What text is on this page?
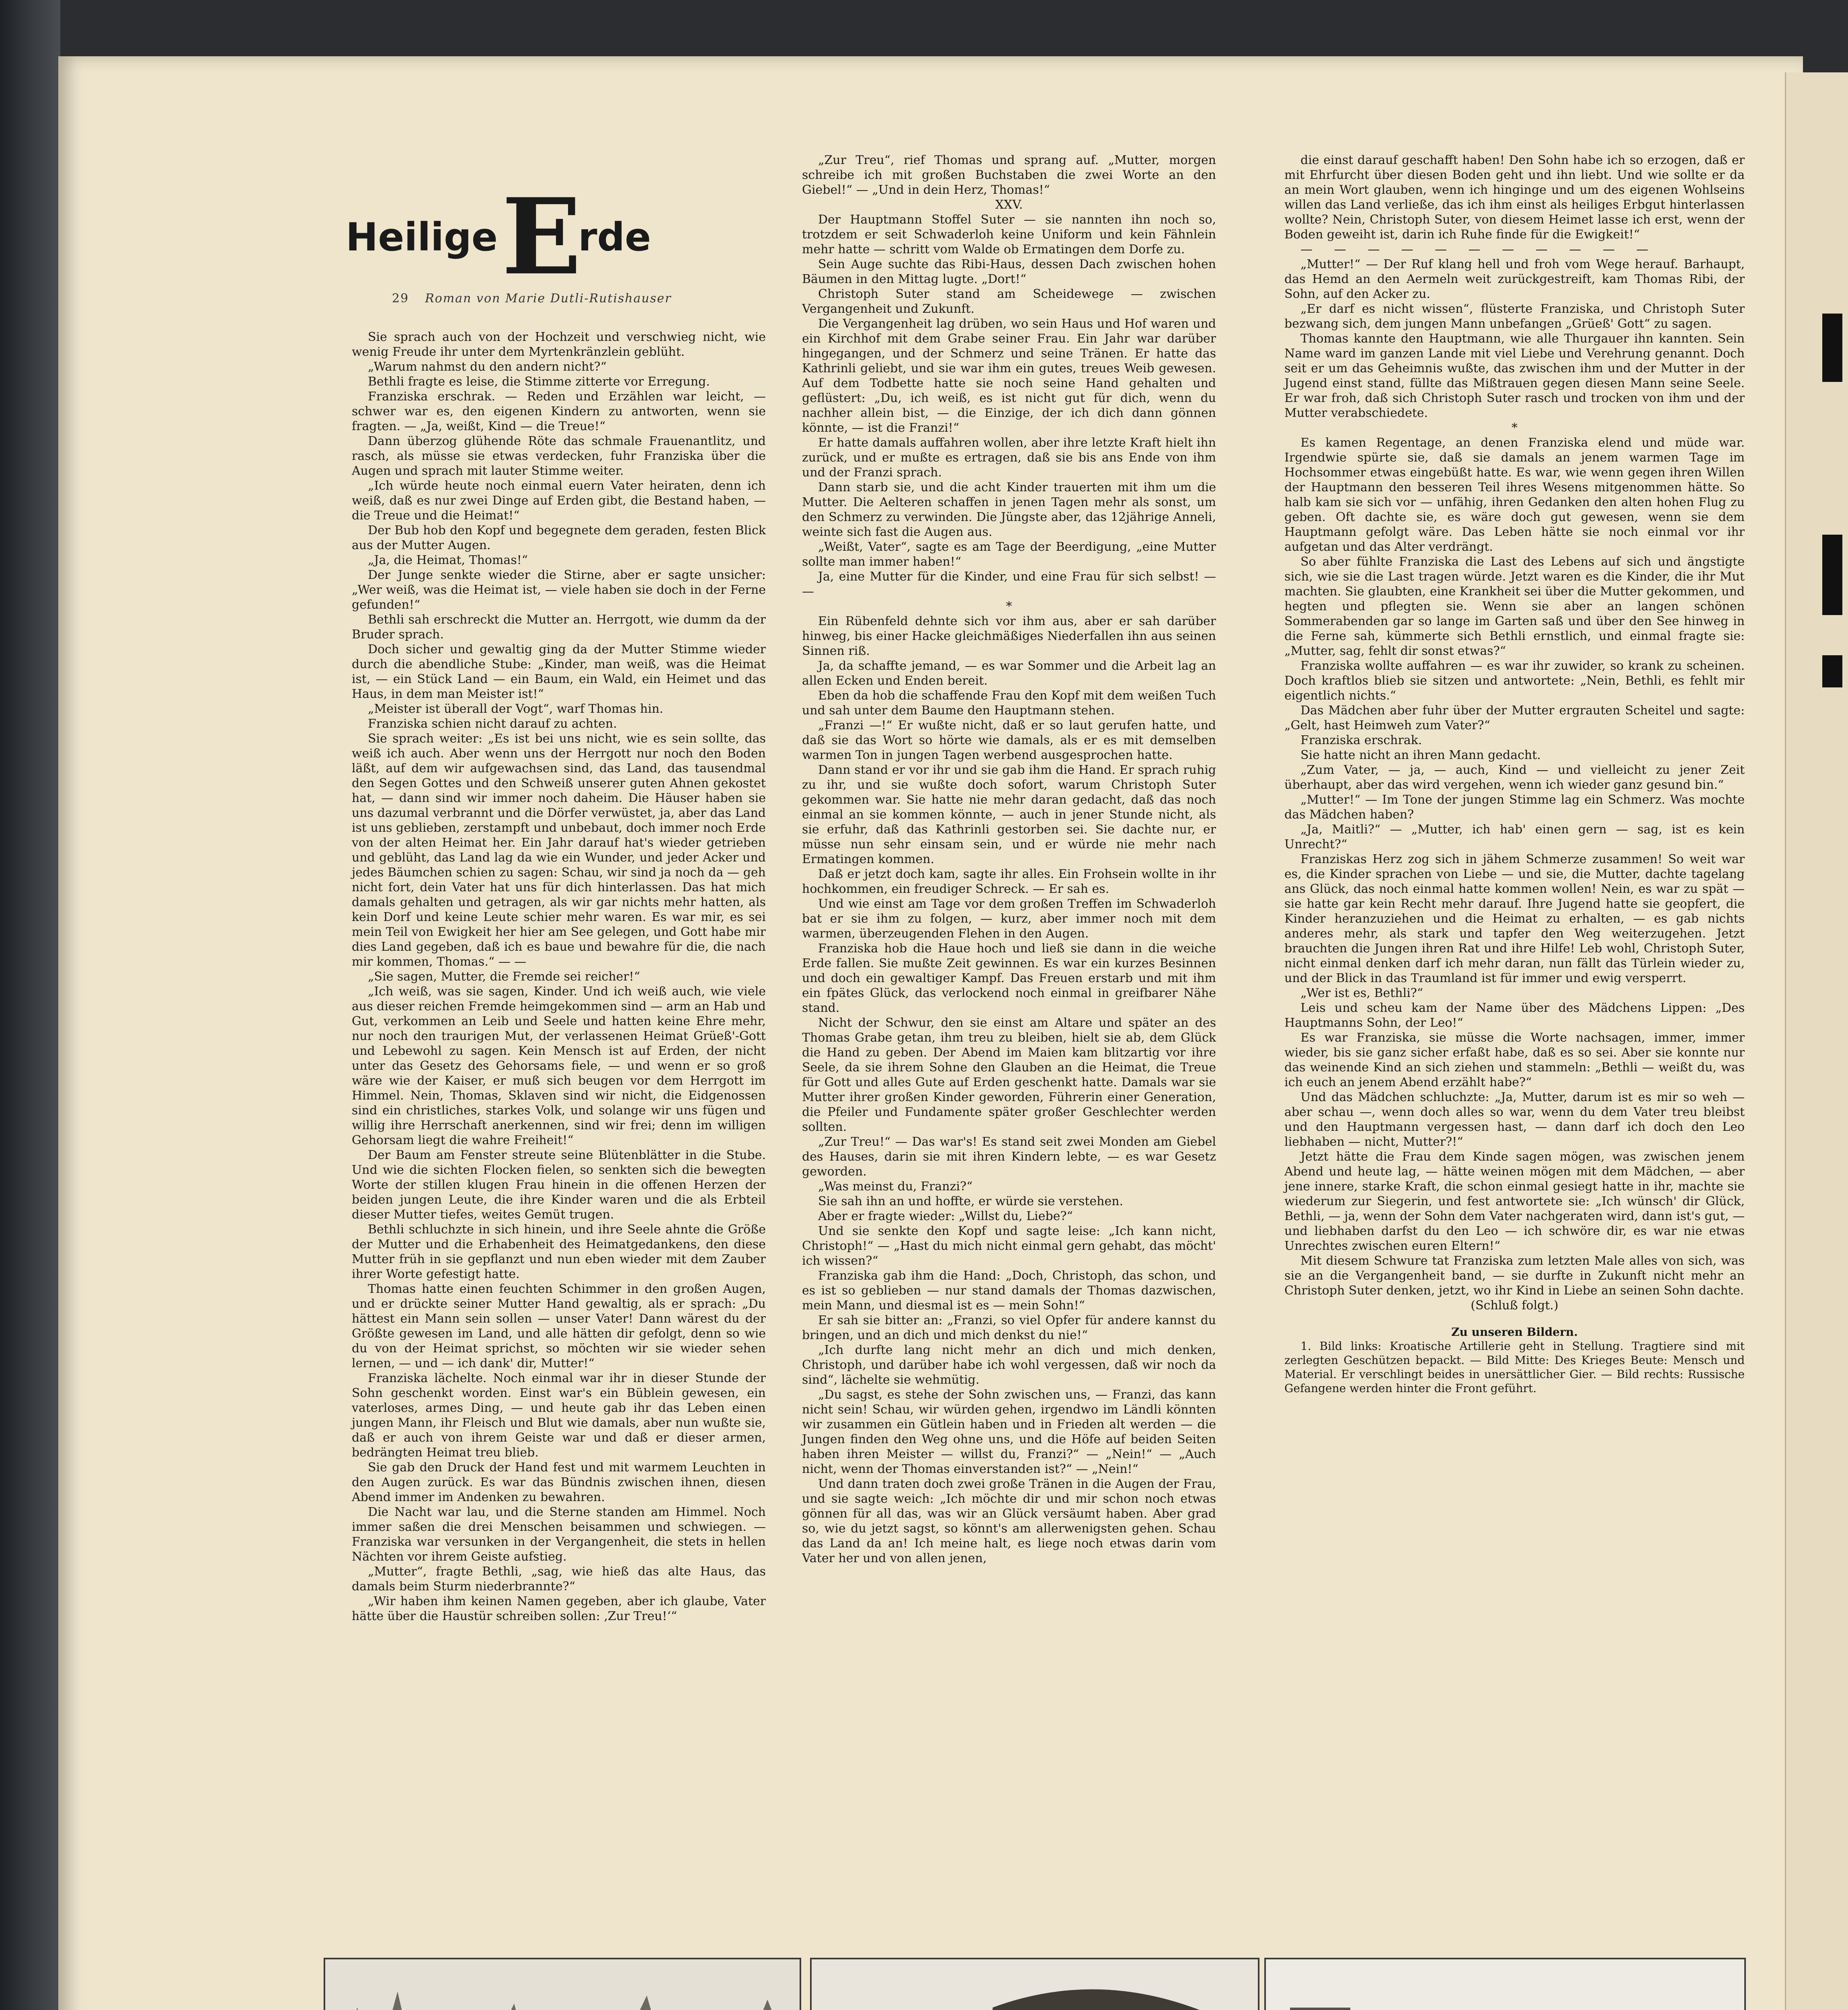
Heilige E
rde
29 Roman von Marie Dutli-Rutishauser

Sie sprach auch von der Hochzeit und verschwieg nicht, wie wenig Freude ihr unter dem Myrtenkränzlein geblüht.

„Warum nahmst du den andern nicht?“

Bethli fragte es leise, die Stimme zitterte vor Erregung.

Franziska erschrak. — Reden und Erzählen war leicht, — schwer war es, den eigenen Kindern zu antworten, wenn sie fragten. — „Ja, weißt, Kind — die Treue!“

Dann überzog glühende Röte das schmale Frauenantlitz, und rasch, als müsse sie etwas verdecken, fuhr Franziska über die Augen und sprach mit lauter Stimme weiter.

„Ich würde heute noch einmal euern Vater heiraten, denn ich weiß, daß es nur zwei Dinge auf Erden gibt, die Bestand haben, — die Treue und die Heimat!“

Der Bub hob den Kopf und begegnete dem geraden, festen Blick aus der Mutter Augen.

„Ja, die Heimat, Thomas!“

Der Junge senkte wieder die Stirne, aber er sagte unsicher: „Wer weiß, was die Heimat ist, — viele haben sie doch in der Ferne gefunden!“

Bethli sah erschreckt die Mutter an. Herrgott, wie dumm da der Bruder sprach.

Doch sicher und gewaltig ging da der Mutter Stimme wieder durch die abendliche Stube: „Kinder, man weiß, was die Heimat ist, — ein Stück Land — ein Baum, ein Wald, ein Heimet und das Haus, in dem man Meister ist!“

„Meister ist überall der Vogt“, warf Thomas hin.

Franziska schien nicht darauf zu achten.

Sie sprach weiter: „Es ist bei uns nicht, wie es sein sollte, das weiß ich auch. Aber wenn uns der Herrgott nur noch den Boden läßt, auf dem wir aufgewachsen sind, das Land, das tausendmal den Segen Gottes und den Schweiß unserer guten Ahnen gekostet hat, — dann sind wir immer noch daheim. Die Häuser haben sie uns dazumal verbrannt und die Dörfer verwüstet, ja, aber das Land ist uns geblieben, zerstampft und unbebaut, doch immer noch Erde von der alten Heimat her. Ein Jahr darauf hat's wieder getrieben und geblüht, das Land lag da wie ein Wunder, und jeder Acker und jedes Bäumchen schien zu sagen: Schau, wir sind ja noch da — geh nicht fort, dein Vater hat uns für dich hinterlassen. Das hat mich damals gehalten und getragen, als wir gar nichts mehr hatten, als kein Dorf und keine Leute schier mehr waren. Es war mir, es sei mein Teil von Ewigkeit her hier am See gelegen, und Gott habe mir dies Land gegeben, daß ich es baue und bewahre für die, die nach mir kommen, Thomas.“ — —

„Sie sagen, Mutter, die Fremde sei reicher!“

„Ich weiß, was sie sagen, Kinder. Und ich weiß auch, wie viele aus dieser reichen Fremde heimgekommen sind — arm an Hab und Gut, verkommen an Leib und Seele und hatten keine Ehre mehr, nur noch den traurigen Mut, der verlassenen Heimat Grüeß'-Gott und Lebewohl zu sagen. Kein Mensch ist auf Erden, der nicht unter das Gesetz des Gehorsams fiele, — und wenn er so groß wäre wie der Kaiser, er muß sich beugen vor dem Herrgott im Himmel. Nein, Thomas, Sklaven sind wir nicht, die Eidgenossen sind ein christliches, starkes Volk, und solange wir uns fügen und willig ihre Herrschaft anerkennen, sind wir frei; denn im willigen Gehorsam liegt die wahre Freiheit!“

Der Baum am Fenster streute seine Blütenblätter in die Stube. Und wie die sichten Flocken fielen, so senkten sich die bewegten Worte der stillen klugen Frau hinein in die offenen Herzen der beiden jungen Leute, die ihre Kinder waren und die als Erbteil dieser Mutter tiefes, weites Gemüt trugen.

Bethli schluchzte in sich hinein, und ihre Seele ahnte die Größe der Mutter und die Erhabenheit des Heimatgedankens, den diese Mutter früh in sie gepflanzt und nun eben wieder mit dem Zauber ihrer Worte gefestigt hatte.

Thomas hatte einen feuchten Schimmer in den großen Augen, und er drückte seiner Mutter Hand gewaltig, als er sprach: „Du hättest ein Mann sein sollen — unser Vater! Dann wärest du der Größte gewesen im Land, und alle hätten dir gefolgt, denn so wie du von der Heimat sprichst, so möchten wir sie wieder sehen lernen, — und — ich dank' dir, Mutter!“

Franziska lächelte. Noch einmal war ihr in dieser Stunde der Sohn geschenkt worden. Einst war's ein Büblein gewesen, ein vaterloses, armes Ding, — und heute gab ihr das Leben einen jungen Mann, ihr Fleisch und Blut wie damals, aber nun wußte sie, daß er auch von ihrem Geiste war und daß er dieser armen, bedrängten Heimat treu blieb.

Sie gab den Druck der Hand fest und mit warmem Leuchten in den Augen zurück. Es war das Bündnis zwischen ihnen, diesen Abend immer im Andenken zu bewahren.

Die Nacht war lau, und die Sterne standen am Himmel. Noch immer saßen die drei Menschen beisammen und schwiegen. — Franziska war versunken in der Vergangenheit, die stets in hellen Nächten vor ihrem Geiste aufstieg.

„Mutter“, fragte Bethli, „sag, wie hieß das alte Haus, das damals beim Sturm niederbrannte?“

„Wir haben ihm keinen Namen gegeben, aber ich glaube, Vater hätte über die Haustür schreiben sollen: ‚Zur Treu!‘“

„Zur Treu“, rief Thomas und sprang auf. „Mutter, morgen schreibe ich mit großen Buchstaben die zwei Worte an den Giebel!“ — „Und in dein Herz, Thomas!“

XXV.

Der Hauptmann Stoffel Suter — sie nannten ihn noch so, trotzdem er seit Schwaderloh keine Uniform und kein Fähnlein mehr hatte — schritt vom Walde ob Ermatingen dem Dorfe zu.

Sein Auge suchte das Ribi-Haus, dessen Dach zwischen hohen Bäumen in den Mittag lugte. „Dort!“

Christoph Suter stand am Scheidewege — zwischen Vergangenheit und Zukunft.

Die Vergangenheit lag drüben, wo sein Haus und Hof waren und ein Kirchhof mit dem Grabe seiner Frau. Ein Jahr war darüber hingegangen, und der Schmerz und seine Tränen. Er hatte das Kathrinli geliebt, und sie war ihm ein gutes, treues Weib gewesen. Auf dem Todbette hatte sie noch seine Hand gehalten und geflüstert: „Du, ich weiß, es ist nicht gut für dich, wenn du nachher allein bist, — die Einzige, der ich dich dann gönnen könnte, — ist die Franzi!“

Er hatte damals auffahren wollen, aber ihre letzte Kraft hielt ihn zurück, und er mußte es ertragen, daß sie bis ans Ende von ihm und der Franzi sprach.

Dann starb sie, und die acht Kinder trauerten mit ihm um die Mutter. Die Aelteren schaffen in jenen Tagen mehr als sonst, um den Schmerz zu verwinden. Die Jüngste aber, das 12jährige Anneli, weinte sich fast die Augen aus.

„Weißt, Vater“, sagte es am Tage der Beerdigung, „eine Mutter sollte man immer haben!“

Ja, eine Mutter für die Kinder, und eine Frau für sich selbst! — —

*

Ein Rübenfeld dehnte sich vor ihm aus, aber er sah darüber hinweg, bis einer Hacke gleichmäßiges Niederfallen ihn aus seinen Sinnen riß.

Ja, da schaffte jemand, — es war Sommer und die Arbeit lag an allen Ecken und Enden bereit.

Eben da hob die schaffende Frau den Kopf mit dem weißen Tuch und sah unter dem Baume den Hauptmann stehen.

„Franzi —!“ Er wußte nicht, daß er so laut gerufen hatte, und daß sie das Wort so hörte wie damals, als er es mit demselben warmen Ton in jungen Tagen werbend ausgesprochen hatte.

Dann stand er vor ihr und sie gab ihm die Hand. Er sprach ruhig zu ihr, und sie wußte doch sofort, warum Christoph Suter gekommen war. Sie hatte nie mehr daran gedacht, daß das noch einmal an sie kommen könnte, — auch in jener Stunde nicht, als sie erfuhr, daß das Kathrinli gestorben sei. Sie dachte nur, er müsse nun sehr einsam sein, und er würde nie mehr nach Ermatingen kommen.

Daß er jetzt doch kam, sagte ihr alles. Ein Frohsein wollte in ihr hochkommen, ein freudiger Schreck. — Er sah es.

Und wie einst am Tage vor dem großen Treffen im Schwaderloh bat er sie ihm zu folgen, — kurz, aber immer noch mit dem warmen, überzeugenden Flehen in den Augen.

Franziska hob die Haue hoch und ließ sie dann in die weiche Erde fallen. Sie mußte Zeit gewinnen. Es war ein kurzes Besinnen und doch ein gewaltiger Kampf. Das Freuen erstarb und mit ihm ein fpätes Glück, das verlockend noch einmal in greifbarer Nähe stand.

Nicht der Schwur, den sie einst am Altare und später an des Thomas Grabe getan, ihm treu zu bleiben, hielt sie ab, dem Glück die Hand zu geben. Der Abend im Maien kam blitzartig vor ihre Seele, da sie ihrem Sohne den Glauben an die Heimat, die Treue für Gott und alles Gute auf Erden geschenkt hatte. Damals war sie Mutter ihrer großen Kinder geworden, Führerin einer Generation, die Pfeiler und Fundamente später großer Geschlechter werden sollten.

„Zur Treu!“ — Das war's! Es stand seit zwei Monden am Giebel des Hauses, darin sie mit ihren Kindern lebte, — es war Gesetz geworden.

„Was meinst du, Franzi?“

Sie sah ihn an und hoffte, er würde sie verstehen.

Aber er fragte wieder: „Willst du, Liebe?“

Und sie senkte den Kopf und sagte leise: „Ich kann nicht, Christoph!“ — „Hast du mich nicht einmal gern gehabt, das möcht' ich wissen?“

Franziska gab ihm die Hand: „Doch, Christoph, das schon, und es ist so geblieben — nur stand damals der Thomas dazwischen, mein Mann, und diesmal ist es — mein Sohn!“

Er sah sie bitter an: „Franzi, so viel Opfer für andere kannst du bringen, und an dich und mich denkst du nie!“

„Ich durfte lang nicht mehr an dich und mich denken, Christoph, und darüber habe ich wohl vergessen, daß wir noch da sind“, lächelte sie wehmütig.

„Du sagst, es stehe der Sohn zwischen uns, — Franzi, das kann nicht sein! Schau, wir würden gehen, irgendwo im Ländli könnten wir zusammen ein Gütlein haben und in Frieden alt werden — die Jungen finden den Weg ohne uns, und die Höfe auf beiden Seiten haben ihren Meister — willst du, Franzi?“ — „Nein!“ — „Auch nicht, wenn der Thomas einverstanden ist?“ — „Nein!“

Und dann traten doch zwei große Tränen in die Augen der Frau, und sie sagte weich: „Ich möchte dir und mir schon noch etwas gönnen für all das, was wir an Glück versäumt haben. Aber grad so, wie du jetzt sagst, so könnt's am allerwenigsten gehen. Schau das Land da an! Ich meine halt, es liege noch etwas darin vom Vater her und von allen jenen,

die einst darauf geschafft haben! Den Sohn habe ich so erzogen, daß er mit Ehrfurcht über diesen Boden geht und ihn liebt. Und wie sollte er da an mein Wort glauben, wenn ich hinginge und um des eigenen Wohlseins willen das Land verließe, das ich ihm einst als heiliges Erbgut hinterlassen wollte? Nein, Christoph Suter, von diesem Heimet lasse ich erst, wenn der Boden geweiht ist, darin ich Ruhe finde für die Ewigkeit!“

— — — — — — — — — — —

„Mutter!“ — Der Ruf klang hell und froh vom Wege herauf. Barhaupt, das Hemd an den Aermeln weit zurückgestreift, kam Thomas Ribi, der Sohn, auf den Acker zu.

„Er darf es nicht wissen“, flüsterte Franziska, und Christoph Suter bezwang sich, dem jungen Mann unbefangen „Grüeß' Gott“ zu sagen.

Thomas kannte den Hauptmann, wie alle Thurgauer ihn kannten. Sein Name ward im ganzen Lande mit viel Liebe und Verehrung genannt. Doch seit er um das Geheimnis wußte, das zwischen ihm und der Mutter in der Jugend einst stand, füllte das Mißtrauen gegen diesen Mann seine Seele. Er war froh, daß sich Christoph Suter rasch und trocken von ihm und der Mutter verabschiedete.

*

Es kamen Regentage, an denen Franziska elend und müde war. Irgendwie spürte sie, daß sie damals an jenem warmen Tage im Hochsommer etwas eingebüßt hatte. Es war, wie wenn gegen ihren Willen der Hauptmann den besseren Teil ihres Wesens mitgenommen hätte. So halb kam sie sich vor — unfähig, ihren Gedanken den alten hohen Flug zu geben. Oft dachte sie, es wäre doch gut gewesen, wenn sie dem Hauptmann gefolgt wäre. Das Leben hätte sie noch einmal vor ihr aufgetan und das Alter verdrängt.

So aber fühlte Franziska die Last des Lebens auf sich und ängstigte sich, wie sie die Last tragen würde. Jetzt waren es die Kinder, die ihr Mut machten. Sie glaubten, eine Krankheit sei über die Mutter gekommen, und hegten und pflegten sie. Wenn sie aber an langen schönen Sommerabenden gar so lange im Garten saß und über den See hinweg in die Ferne sah, kümmerte sich Bethli ernstlich, und einmal fragte sie: „Mutter, sag, fehlt dir sonst etwas?“

Franziska wollte auffahren — es war ihr zuwider, so krank zu scheinen. Doch kraftlos blieb sie sitzen und antwortete: „Nein, Bethli, es fehlt mir eigentlich nichts.“

Das Mädchen aber fuhr über der Mutter ergrauten Scheitel und sagte: „Gelt, hast Heimweh zum Vater?“

Franziska erschrak.

Sie hatte nicht an ihren Mann gedacht.

„Zum Vater, — ja, — auch, Kind — und vielleicht zu jener Zeit überhaupt, aber das wird vergehen, wenn ich wieder ganz gesund bin.“

„Mutter!“ — Im Tone der jungen Stimme lag ein Schmerz. Was mochte das Mädchen haben?

„Ja, Maitli?“ — „Mutter, ich hab' einen gern — sag, ist es kein Unrecht?“

Franziskas Herz zog sich in jähem Schmerze zusammen! So weit war es, die Kinder sprachen von Liebe — und sie, die Mutter, dachte tagelang ans Glück, das noch einmal hatte kommen wollen! Nein, es war zu spät — sie hatte gar kein Recht mehr darauf. Ihre Jugend hatte sie geopfert, die Kinder heranzuziehen und die Heimat zu erhalten, — es gab nichts anderes mehr, als stark und tapfer den Weg weiterzugehen. Jetzt brauchten die Jungen ihren Rat und ihre Hilfe! Leb wohl, Christoph Suter, nicht einmal denken darf ich mehr daran, nun fällt das Türlein wieder zu, und der Blick in das Traumland ist für immer und ewig versperrt.

„Wer ist es, Bethli?“

Leis und scheu kam der Name über des Mädchens Lippen: „Des Hauptmanns Sohn, der Leo!“

Es war Franziska, sie müsse die Worte nachsagen, immer, immer wieder, bis sie ganz sicher erfaßt habe, daß es so sei. Aber sie konnte nur das weinende Kind an sich ziehen und stammeln: „Bethli — weißt du, was ich euch an jenem Abend erzählt habe?“

Und das Mädchen schluchzte: „Ja, Mutter, darum ist es mir so weh — aber schau —, wenn doch alles so war, wenn du dem Vater treu bleibst und den Hauptmann vergessen hast, — dann darf ich doch den Leo liebhaben — nicht, Mutter?!“

Jetzt hätte die Frau dem Kinde sagen mögen, was zwischen jenem Abend und heute lag, — hätte weinen mögen mit dem Mädchen, — aber jene innere, starke Kraft, die schon einmal gesiegt hatte in ihr, machte sie wiederum zur Siegerin, und fest antwortete sie: „Ich wünsch' dir Glück, Bethli, — ja, wenn der Sohn dem Vater nachgeraten wird, dann ist's gut, — und liebhaben darfst du den Leo — ich schwöre dir, es war nie etwas Unrechtes zwischen euren Eltern!“

Mit diesem Schwure tat Franziska zum letzten Male alles von sich, was sie an die Vergangenheit band, — sie durfte in Zukunft nicht mehr an Christoph Suter denken, jetzt, wo ihr Kind in Liebe an seinen Sohn dachte.

(Schluß folgt.)

Zu unseren Bildern.

1. Bild links: Kroatische Artillerie geht in Stellung. Tragtiere sind mit zerlegten Geschützen bepackt. — Bild Mitte: Des Krieges Beute: Mensch und Material. Er verschlingt beides in unersättlicher Gier. — Bild rechts: Russische Gefangene werden hinter die Front geführt.
